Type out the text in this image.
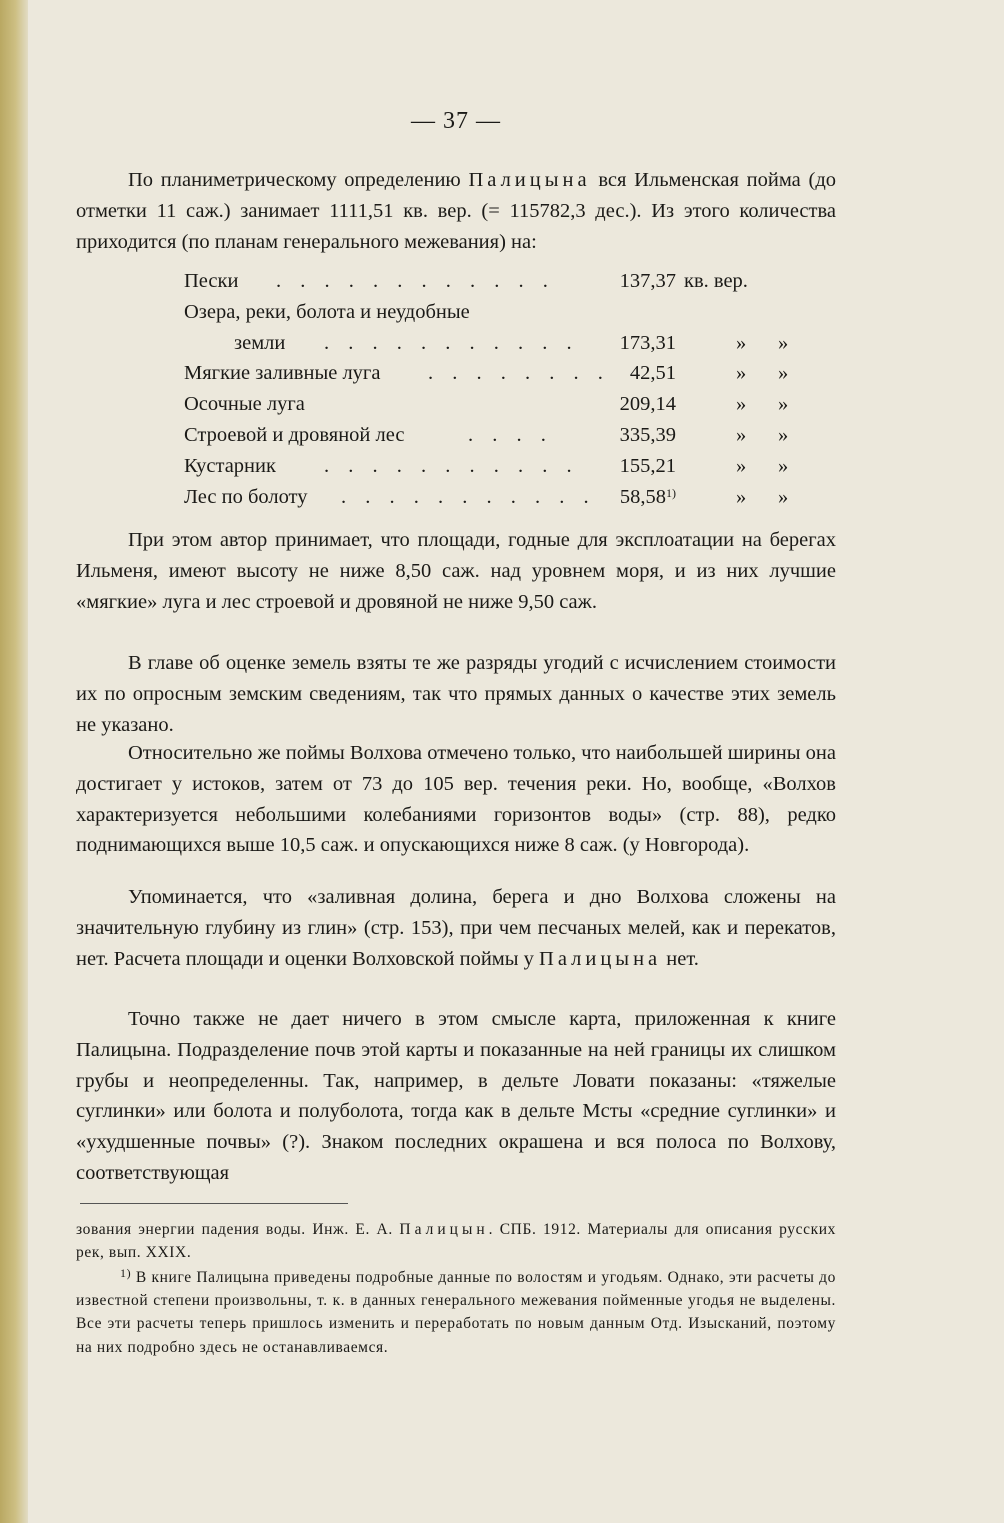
— 37 —

По планиметрическому определению Палицына вся Ильменская пойма (до отметки 11 саж.) занимает 1111,51 кв. вер. (= 115782,3 дес.). Из этого количества приходится (по планам генерального межевания) на:

Пески . . . . . . . . . . . .	137,37 кв. вер.
Озера, реки, болота и неудобные
земли . . . . . . . . . . . 173,31	» »
Мягкие заливные луга . . . . . . . . 42,51	» »
Осочные луга	209,14	» »
Строевой и дровяной лес	. . . .	335,39	» »
Кустарник . . . . . . . . . . . 155,21	» »
Лес по болоту . . . . . . . . . . . 58,58$^{1)}$	» »

При этом автор принимает, что площади, годные для эксплоатации на берегах Ильменя, имеют высоту не ниже 8,50 саж. над уровнем моря, и из них лучшие «мягкие» луга и лес строевой и дровяной не ниже 9,50 саж.

В главе об оценке земель взяты те же разряды угодий с исчислением стоимости их по опросным земским сведениям, так что прямых данных о качестве этих земель не указано.

Относительно же поймы Волхова отмечено только, что наибольшей ширины она достигает у истоков, затем от 73 до 105 вер. течения реки. Но, вообще, «Волхов характеризуется небольшими колебаниями горизонтов воды» (стр. 88), редко поднимающихся выше 10,5 саж. и опускающихся ниже 8 саж. (у Новгорода).

Упоминается, что «заливная долина, берега и дно Волхова сложены на значительную глубину из глин» (стр. 153), при чем песчаных мелей, как и перекатов, нет. Расчета площади и оценки Волховской поймы у Палицына нет.

Точно также не дает ничего в этом смысле карта, приложенная к книге Палицына. Подразделение почв этой карты и показанные на ней границы их слишком грубы и неопределенны. Так, например, в дельте Ловати показаны: «тяжелые суглинки» или болота и полуболота, тогда как в дельте Мсты «средние суглинки» и «ухудшенные почвы» (?). Знаком последних окрашена и вся полоса по Волхову, соответствующая

зования энергии падения воды. Инж. Е. А. Палицын. СПБ. 1912. Материалы для описания русских рек, вып. XXIX.

$^{1)}$ В книге Палицына приведены подробные данные по волостям и угодьям. Однако, эти расчеты до известной степени произвольны, т. к. в данных генерального межевания пойменные угодья не выделены. Все эти расчеты теперь пришлось изменить и переработать по новым данным Отд. Изысканий, поэтому на них подробно здесь не останавливаемся.
